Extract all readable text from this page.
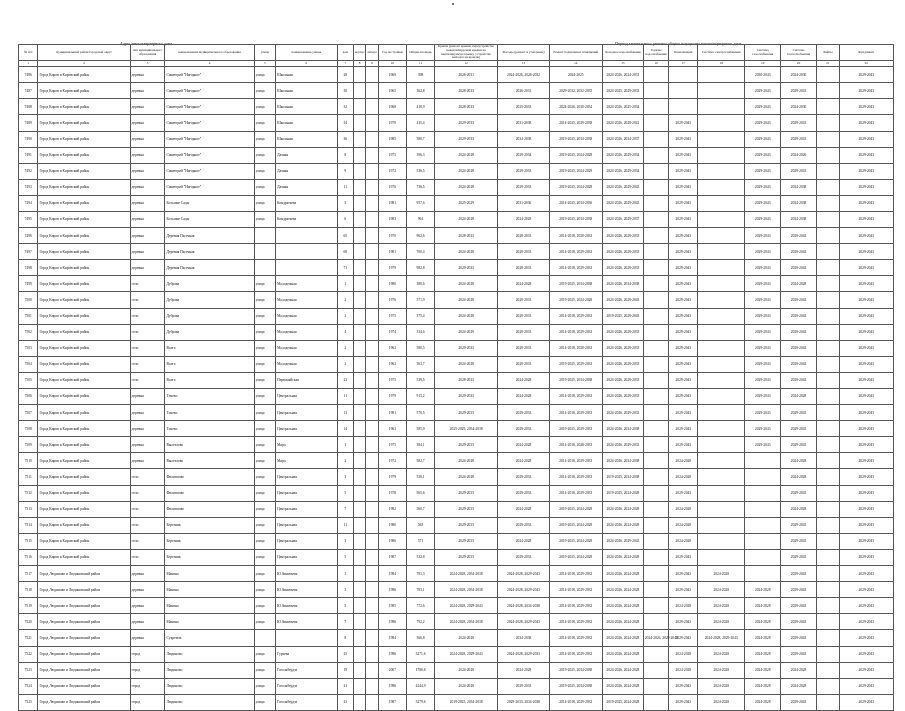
Адрес многоквартирного дома	Период капитального ремонта общего имущества многоквартирного дома
№ п/п	муниципальный район/городской округ	тип муниципального образования	наименование муниципального образования	улица	наименование улицы	дом	корпус	литера	Год постройки	Общая площадь	Крыша (ремонт крыши, переустройство невентилируемой крыши на вентилируемую крышу, устройство выходов на кровлю)	Фасады (ремонт и утепление)	Ремонт подвальных помещений	Холодное водоснабжение	Горячее водоснабжение	Канализация	Система электроснабжения	Система газоснабжения	Система теплоснабжения	Лифты	Фундамент
1	2	3	4	5	6	7	8	9	10	11	12	13	14	15	16	17	18	19	20	21	22
7486	Город Киров и Кировский район	деревня	Санаторий "Нагорное"	улица	Школьная	28			1969	398	2026-2031	2024-2026, 2026-2032	2024-2025	2024-2026, 2024-2031				2030-2043	2024-2030		2029-2043
7487	Город Киров и Кировский район	деревня	Санаторий "Нагорное"	улица	Школьная	30			1965	362,8	2028-2033	2026-2031	2029-2032, 2032-2035	2024-2025, 2029-2033				2029-2043	2029-2043		2029-2043
7488	Город Киров и Кировский район	деревня	Санаторий "Нагорное"	улица	Школьная	32			1968	418,9	2028-2033	2025-2033	2024-2026, 2030-2034	2024-2026, 2025-2034				2029-2043	2024-2030		2029-2043
7489	Город Киров и Кировский район	деревня	Санаторий "Нагорное"	улица	Школьная	34			1970	215,4	2029-2033	2031-2038	2014-2025, 2029-2038	2024-2026, 2028-2041		2029-2043		2029-2043	2029-2043		2029-2043
7490	Город Киров и Кировский район	деревня	Санаторий "Нагорное"	улица	Школьная	36			1985	580,7	2029-2033	2034-2038	2019-2025, 2034-2038	2024-2026, 2034-2037		2029-2043		2029-2043	2029-2043		2029-2043
7491	Город Киров и Кировский район	деревня	Санаторий "Нагорное"	улица	Дачная	8			1975	396,3	2024-2028	2029-2034	2019-2025, 2024-2028	2024-2026, 2029-2034		2029-2043		2029-2043	2024-2026		2029-2043
7492	Город Киров и Кировский район	деревня	Санаторий "Нагорное"	улица	Дачная	9			1972	536,5	2024-2028	2029-2033	2019-2025, 2024-2029	2024-2026, 2029-2034		2029-2043		2029-2043	2029-2043		2029-2043
7493	Город Киров и Кировский район	деревня	Санаторий "Нагорное"	улица	Дачная	11			1976	736,5	2024-2028	2029-2033	2019-2025, 2024-2028	2024-2026, 2029-2043		2029-2043		2029-2043	2034-2038		2029-2043
7494	Город Киров и Кировский район	деревня	Большие Сады	улица	Кондратьева	5			1981	957,6	2025-2029	2031-2036	2014-2025, 2034-2036	2024-2026, 2029-2043		2029-2043		2029-2043	2034-2038		2029-2043
7495	Город Киров и Кировский район	деревня	Большие Сады	улица	Кондратьева	6			1983	961	2024-2028	2024-2028	2019-2025, 2034-2038	2024-2026, 2029-2037		2029-2043		2029-2043	2034-2038		2029-2043
7496	Город Киров и Кировский район	деревня	Деревня Пасечная			65			1970	962,6	2028-2033	2028-2033	2014-2018, 2028-2033	2024-2026, 2029-2033		2029-2043		2029-2043	2029-2043		2029-2043
7497	Город Киров и Кировский район	деревня	Деревня Пасечная			68			1981	700,4	2024-2028	2029-2033	2014-2018, 2029-2033	2024-2026, 2029-2033		2029-2043		2029-2043	2029-2043		2029-2043
7498	Город Киров и Кировский район	деревня	Деревня Пасечная			71			1979	982,8	2029-2033	2028-2033	2014-2018, 2029-2033	2024-2026, 2029-2033		2029-2043		2029-2043	2029-2043		2029-2043
7499	Город Киров и Кировский район	село	Дубрава	улица	Молодежная	1			1980	380,6	2024-2028	2024-2028	2019-2025, 2034-2038	2024-2026, 2034-2038		2029-2043		2029-2043	2024-2028		2029-2043
7500	Город Киров и Кировский район	село	Дубрава	улица	Молодежная	2			1976	571,9	2024-2028	2029-2033	2019-2025, 2024-2028	2024-2026, 2029-2043		2029-2043		2029-2043	2029-2043		2029-2043
7501	Город Киров и Кировский район	село	Дубрава	улица	Молодежная	3			1975	375,4	2024-2028	2029-2033	2014-2018, 2029-2033	2019-2025, 2029-2043		2029-2043		2029-2043	2029-2043		2029-2043
7502	Город Киров и Кировский район	село	Дубрава	улица	Молодежная	4			1974	334,6	2024-2029	2029-2033	2014-2018, 2029-2033	2024-2026, 2029-2033		2029-2043		2029-2043	2029-2043		2029-2043
7503	Город Киров и Кировский район	село	Волга	улица	Молодежная	2			1962	580,5	2029-2033	2029-2033	2014-2018, 2028-2033	2024-2026, 2029-2033		2029-2043		2029-2043	2029-2043		2029-2043
7504	Город Киров и Кировский район	село	Волга	улица	Молодежная	3			1962	563,7	2024-2028	2029-2033	2019-2025, 2029-2033	2024-2026, 2029-2033		2029-2043		2029-2043	2029-2043		2029-2043
7505	Город Киров и Кировский район	село	Волга	улица	Первомайская	23			1975	539,5	2028-2033	2024-2028	2019-2025, 2034-2038	2024-2026, 2029-2033		2029-2043		2029-2043	2029-2043		2029-2043
7506	Город Киров и Кировский район	деревня	Тичево	улица	Центральная	11			1979	913,2	2029-2033	2024-2028	2014-2018, 2029-2033	2024-2026, 2029-2033		2029-2043		2029-2043	2024-2028		2029-2043
7507	Город Киров и Кировский район	деревня	Тичево	улица	Центральная	13			1981	570,5	2029-2033	2029-2033	2014-2018, 2029-2033	2024-2026, 2029-2033		2029-2043		2029-2043	2029-2043		2029-2043
7508	Город Киров и Кировский район	деревня	Тичево	улица	Центральная	14			1963	585,9	2025-2029, 2034-2038	2029-2033	2019-2025, 2029-2033	2024-2026, 2034-2038		2029-2043		2029-2043	2029-2043		2029-2043
7509	Город Киров и Кировский район	деревня	Вылезлово	улица	Мира	1			1975	384,1	2029-2033	2024-2028	2014-2018, 2028-2033	2024-2026, 2029-2033		2029-2043		2029-2043	2029-2043		2029-2043
7510	Город Киров и Кировский район	деревня	Вылезлово	улица	Мира	2			1972	582,7	2024-2028	2024-2028	2014-2018, 2029-2033	2024-2026, 2034-2038		2024-2028			2024-2028		2029-2043
7511	Город Киров и Кировский район	село	Филиппово	улица	Центральная	3			1979	550,1	2024-2028	2029-2033	2014-2018, 2029-2033	2019-2025, 2034-2038		2024-2028			2024-2028		2029-2043
7512	Город Киров и Кировский район	село	Филиппово	улица	Центральная	5			1978	565,6	2029-2033	2029-2033	2014-2018, 2029-2033	2019-2025, 2024-2028		2029-2043			2029-2043		2029-2043
7513	Город Киров и Кировский район	село	Филиппово	улица	Центральная	7			1982	560,7	2029-2033	2024-2028	2019-2025, 2024-2028	2024-2026, 2024-2028		2024-2028			2024-2028		2029-2043
7514	Город Киров и Кировский район	село	Березник	улица	Центральная	11			1980	563	2029-2033	2029-2033	2019-2025, 2024-2028	2024-2026, 2024-2028		2024-2028			2029-2043		2029-2043
7515	Город Киров и Кировский район	село	Березник	улица	Центральная	3			1986	571	2029-2033	2024-2028	2019-2025, 2024-2028	2024-2026, 2029-2043		2024-2028			2029-2043		2029-2043
7516	Город Киров и Кировский район	село	Березник	улица	Центральная	5			1987	532,8	2029-2033	2029-2033	2019-2025, 2024-2028	2024-2026, 2024-2028		2029-2043			2029-2043		2029-2043
7517	Город Людиново и Людиновский район	деревня	Манино	улица	Ю.Зиновьева	1			1984	781,3	2024-2028, 2034-2038	2024-2028, 2029-2043	2014-2018, 2029-2033	2024-2026, 2024-2028		2029-2043	2024-2028		2029-2043		2029-2043
7518	Город Людиново и Людиновский район	деревня	Манино	улица	Ю.Зиновьева	3			1986	783,1	2024-2028, 2034-2038	2024-2028, 2029-2043	2014-2018, 2029-2033	2024-2026, 2024-2028		2029-2043	2024-2028	2024-2028	2029-2043		2029-2043
7519	Город Людиново и Людиновский район	деревня	Манино	улица	Ю.Зиновьева	5			1985	772,6	2024-2028, 2029-2043	2024-2028, 2034-2038	2014-2018, 2029-2033	2024-2026, 2024-2028		2024-2028	2024-2028	2024-2028	2029-2043		2029-2043
7520	Город Людиново и Людиновский район	деревня	Манино	улица	Ю.Зиновьева	7			1986	792,2	2024-2028, 2034-2038	2024-2028, 2029-2043	2014-2018, 2029-2033	2024-2026, 2024-2028		2029-2043	2024-2028	2024-2028	2029-2043		2029-2043
7521	Город Людиново и Людиновский район	деревня	Сукремль			8			1984	566,8	2024-2028	2034-2038	2014-2018, 2029-2033	2024-2026, 2024-2028	2024-2026, 2029-2043	2029-2043	2024-2028, 2029-2043	2024-2028	2029-2043		2029-2043
7522	Город Людиново и Людиновский район	город	Людиново	улица	Гурьева	25			1986	3271,6	2024-2028, 2029-2043	2024-2028, 2029-2033	2014-2018, 2029-2033	2024-2026, 2024-2028		2024-2028	2024-2028	2024-2028	2029-2043		2029-2043
7523	Город Людиново и Людиновский район	город	Людиново	улица	Гогольбердзе	19			2007	1786,8	2024-2028	2024-2028	2019-2025, 2034-2038	2024-2026, 2024-2028		2024-2028	2024-2028	2024-2028	2024-2028		2029-2043
7524	Город Людиново и Людиновский район	город	Людиново	улица	Гогольбердзе	21			1986	4244,9	2024-2028	2029-2033	2019-2025, 2034-2038	2024-2026, 2024-2028		2029-2043	2024-2028	2024-2028	2024-2028		2029-2043
7525	Город Людиново и Людиновский район	город	Людиново	улица	Гогольбердзе	23			1987	3279,6	2019-2025, 2034-2038	2029-2033, 2034-2038	2014-2018, 2029-2033	2019-2025, 2024-2028		2029-2043	2024-2028	2024-2028	2029-2043		2029-2043
